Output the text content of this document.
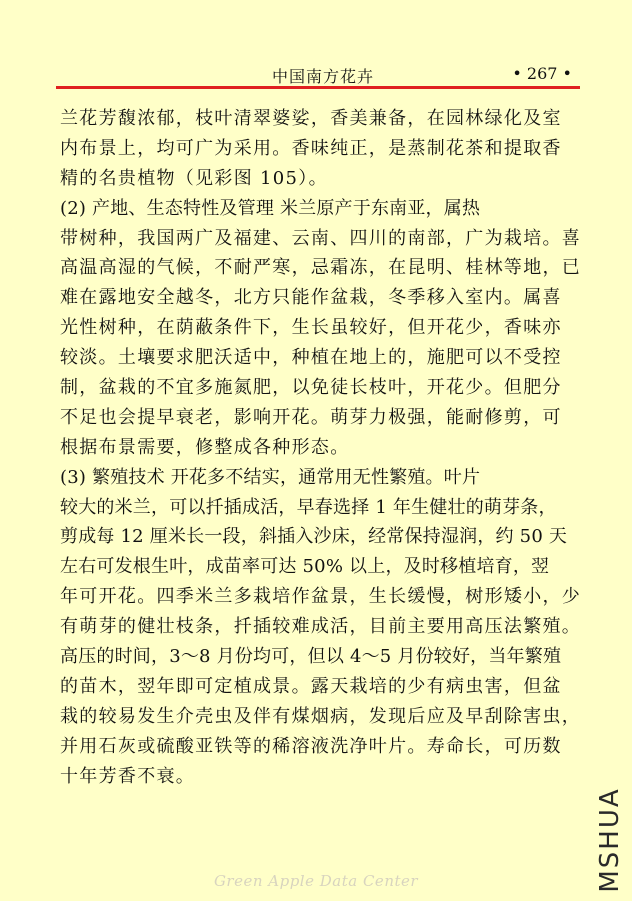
中国南方花卉	• 267 •
兰花芳馥浓郁，枝叶清翠婆娑，香美兼备，在园林绿化及室
内布景上，均可广为采用。香味纯正，是蒸制花茶和提取香
精的名贵植物（见彩图 105）。
(2) 产地、生态特性及管理 米兰原产于东南亚，属热
带树种，我国两广及福建、云南、四川的南部，广为栽培。喜
高温高湿的气候，不耐严寒，忌霜冻，在昆明、桂林等地，已
难在露地安全越冬，北方只能作盆栽，冬季移入室内。属喜
光性树种，在荫蔽条件下，生长虽较好，但开花少，香味亦
较淡。土壤要求肥沃适中，种植在地上的，施肥可以不受控
制，盆栽的不宜多施氮肥，以免徒长枝叶，开花少。但肥分
不足也会提早衰老，影响开花。萌芽力极强，能耐修剪，可
根据布景需要，修整成各种形态。
(3) 繁殖技术 开花多不结实，通常用无性繁殖。叶片
较大的米兰，可以扦插成活，早春选择 1 年生健壮的萌芽条，
剪成每 12 厘米长一段，斜插入沙床，经常保持湿润，约 50 天
左右可发根生叶，成苗率可达 50% 以上，及时移植培育，翌
年可开花。四季米兰多栽培作盆景，生长缓慢，树形矮小，少
有萌芽的健壮枝条，扦插较难成活，目前主要用高压法繁殖。
高压的时间，3～8 月份均可，但以 4～5 月份较好，当年繁殖
的苗木，翌年即可定植成景。露天栽培的少有病虫害，但盆
栽的较易发生介壳虫及伴有煤烟病，发现后应及早刮除害虫，
并用石灰或硫酸亚铁等的稀溶液洗净叶片。寿命长，可历数
十年芳香不衰。
MSHUA
Green Apple Data Center
